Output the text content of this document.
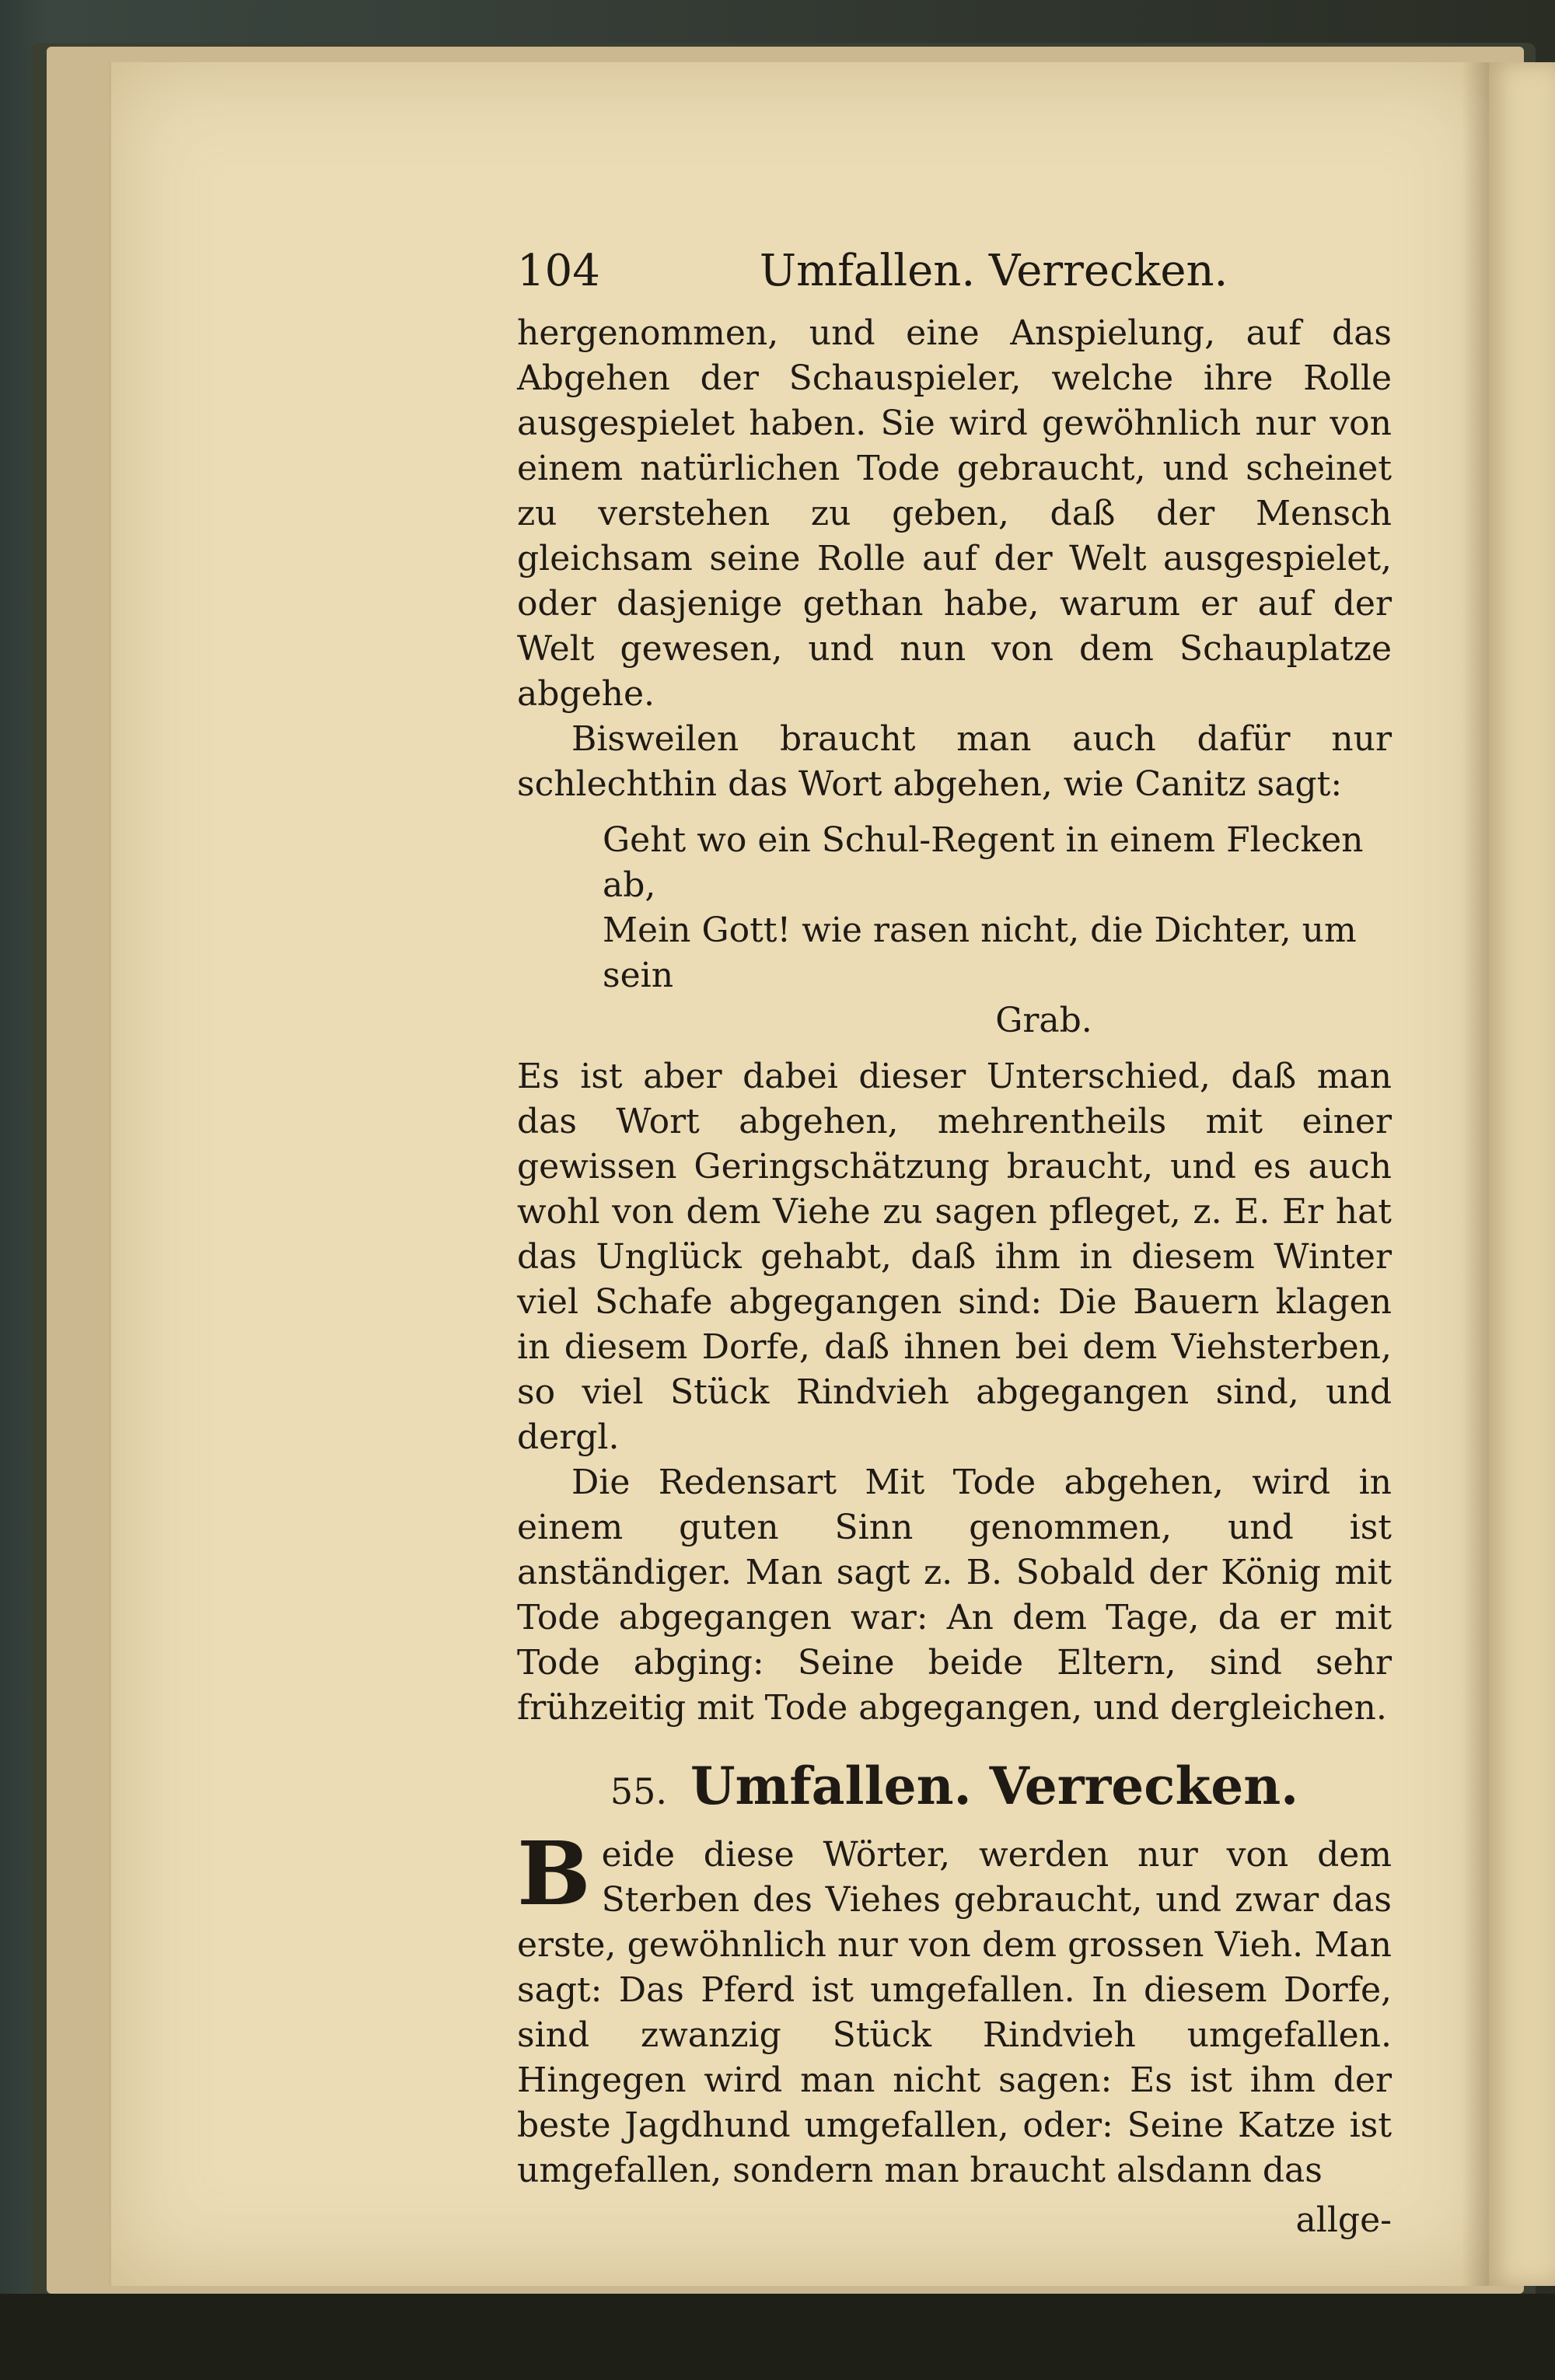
104	Umfallen. Verrecken.

hergenommen, und eine Anspielung, auf das Abgehen der Schauspieler, welche ihre Rolle ausgespielet haben. Sie wird gewöhnlich nur von einem natürlichen Tode gebraucht, und scheinet zu verstehen zu geben, daß der Mensch gleichsam seine Rolle auf der Welt ausgespielet, oder dasjenige gethan habe, warum er auf der Welt gewesen, und nun von dem Schauplatze abgehe.

Bisweilen braucht man auch dafür nur schlechthin das Wort abgehen, wie Canitz sagt:

Geht wo ein Schul-Regent in einem Flecken ab,
Mein Gott! wie rasen nicht, die Dichter, um sein
Grab.

Es ist aber dabei dieser Unterschied, daß man das Wort abgehen, mehrentheils mit einer gewissen Geringschätzung braucht, und es auch wohl von dem Viehe zu sagen pfleget, z. E. Er hat das Unglück gehabt, daß ihm in diesem Winter viel Schafe abgegangen sind: Die Bauern klagen in diesem Dorfe, daß ihnen bei dem Viehsterben, so viel Stück Rindvieh abgegangen sind, und dergl.

Die Redensart Mit Tode abgehen, wird in einem guten Sinn genommen, und ist anständiger. Man sagt z. B. Sobald der König mit Tode abgegangen war: An dem Tage, da er mit Tode abging: Seine beide Eltern, sind sehr frühzeitig mit Tode abgegangen, und dergleichen.

55. Umfallen. Verrecken.

Beide diese Wörter, werden nur von dem Sterben des Viehes gebraucht, und zwar das erste, gewöhnlich nur von dem grossen Vieh. Man sagt: Das Pferd ist umgefallen. In diesem Dorfe, sind zwanzig Stück Rindvieh umgefallen. Hingegen wird man nicht sagen: Es ist ihm der beste Jagdhund umgefallen, oder: Seine Katze ist umgefallen, sondern man braucht alsdann das

allge-
